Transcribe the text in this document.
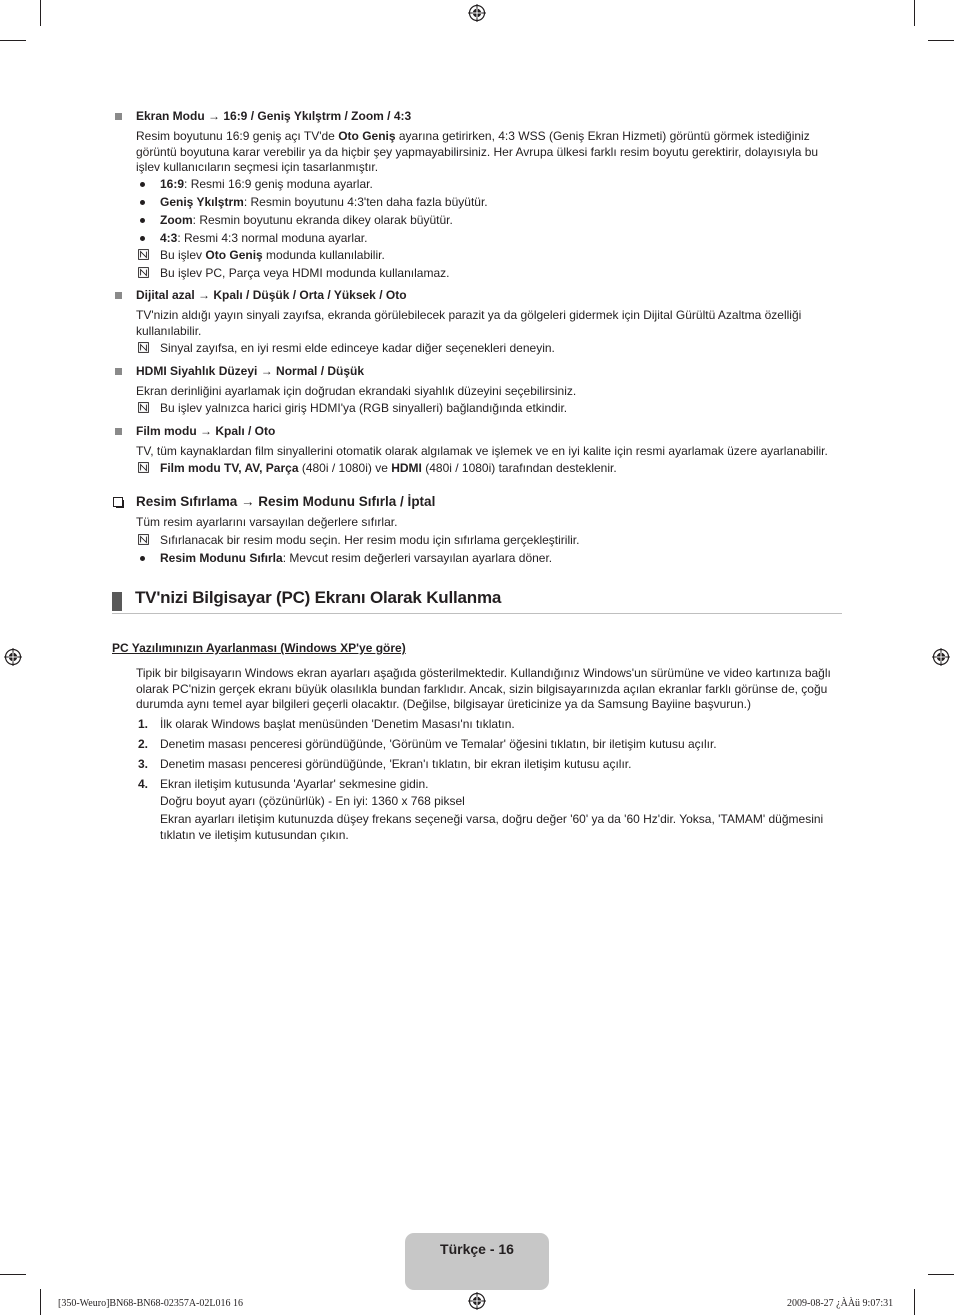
Ekran Modu → 16:9 / Geniş Ykılştrm / Zoom / 4:3
Resim boyutunu 16:9 geniş açı TV'de Oto Geniş ayarına getirirken, 4:3 WSS (Geniş Ekran Hizmeti) görüntü görmek istediğiniz görüntü boyutuna karar verebilir ya da hiçbir şey yapmayabilirsiniz. Her Avrupa ülkesi farklı resim boyutu gerektirir, dolayısıyla bu işlev kullanıcıların seçmesi için tasarlanmıştır.
16:9: Resmi 16:9 geniş moduna ayarlar.
Geniş Ykılştrm: Resmin boyutunu 4:3'ten daha fazla büyütür.
Zoom: Resmin boyutunu ekranda dikey olarak büyütür.
4:3: Resmi 4:3 normal moduna ayarlar.
Bu işlev Oto Geniş modunda kullanılabilir.
Bu işlev PC, Parça veya HDMI modunda kullanılamaz.
Dijital azal → Kpalı / Düşük / Orta / Yüksek / Oto
TV'nizin aldığı yayın sinyali zayıfsa, ekranda görülebilecek parazit ya da gölgeleri gidermek için Dijital Gürültü Azaltma özelliği kullanılabilir.
Sinyal zayıfsa, en iyi resmi elde edinceye kadar diğer seçenekleri deneyin.
HDMI Siyahlık Düzeyi → Normal / Düşük
Ekran derinliğini ayarlamak için doğrudan ekrandaki siyahlık düzeyini seçebilirsiniz.
Bu işlev yalnızca harici giriş HDMI'ya (RGB sinyalleri) bağlandığında etkindir.
Film modu → Kpalı / Oto
TV, tüm kaynaklardan film sinyallerini otomatik olarak algılamak ve işlemek ve en iyi kalite için resmi ayarlamak üzere ayarlanabilir.
Film modu TV, AV, Parça (480i / 1080i) ve HDMI (480i / 1080i) tarafından desteklenir.
Resim Sıfırlama → Resim Modunu Sıfırla / İptal
Tüm resim ayarlarını varsayılan değerlere sıfırlar.
Sıfırlanacak bir resim modu seçin. Her resim modu için sıfırlama gerçekleştirilir.
Resim Modunu Sıfırla: Mevcut resim değerleri varsayılan ayarlara döner.
TV'nizi Bilgisayar (PC) Ekranı Olarak Kullanma
PC Yazılımınızın Ayarlanması (Windows XP'ye göre)
Tipik bir bilgisayarın Windows ekran ayarları aşağıda gösterilmektedir. Kullandığınız Windows'un sürümüne ve video kartınıza bağlı olarak PC'nizin gerçek ekranı büyük olasılıkla bundan farklıdır. Ancak, sizin bilgisayarınızda açılan ekranlar farklı görünse de, çoğu durumda aynı temel ayar bilgileri geçerli olacaktır. (Değilse, bilgisayar üreticinize ya da Samsung Bayiine başvurun.)
1. İlk olarak Windows başlat menüsünden 'Denetim Masası'nı tıklatın.
2. Denetim masası penceresi göründüğünde, 'Görünüm ve Temalar' öğesini tıklatın, bir iletişim kutusu açılır.
3. Denetim masası penceresi göründüğünde, 'Ekran'ı tıklatın, bir ekran iletişim kutusu açılır.
4. Ekran iletişim kutusunda 'Ayarlar' sekmesine gidin.
Doğru boyut ayarı (çözünürlük) - En iyi: 1360 x 768 piksel
Ekran ayarları iletişim kutunuzda düşey frekans seçeneği varsa, doğru değer '60' ya da '60 Hz'dir. Yoksa, 'TAMAM' düğmesini tıklatın ve iletişim kutusundan çıkın.
Türkçe - 16
[350-Weuro]BN68-BN68-02357A-02L016 16	2009-08-27 ¿ÀÀü 9:07:31
